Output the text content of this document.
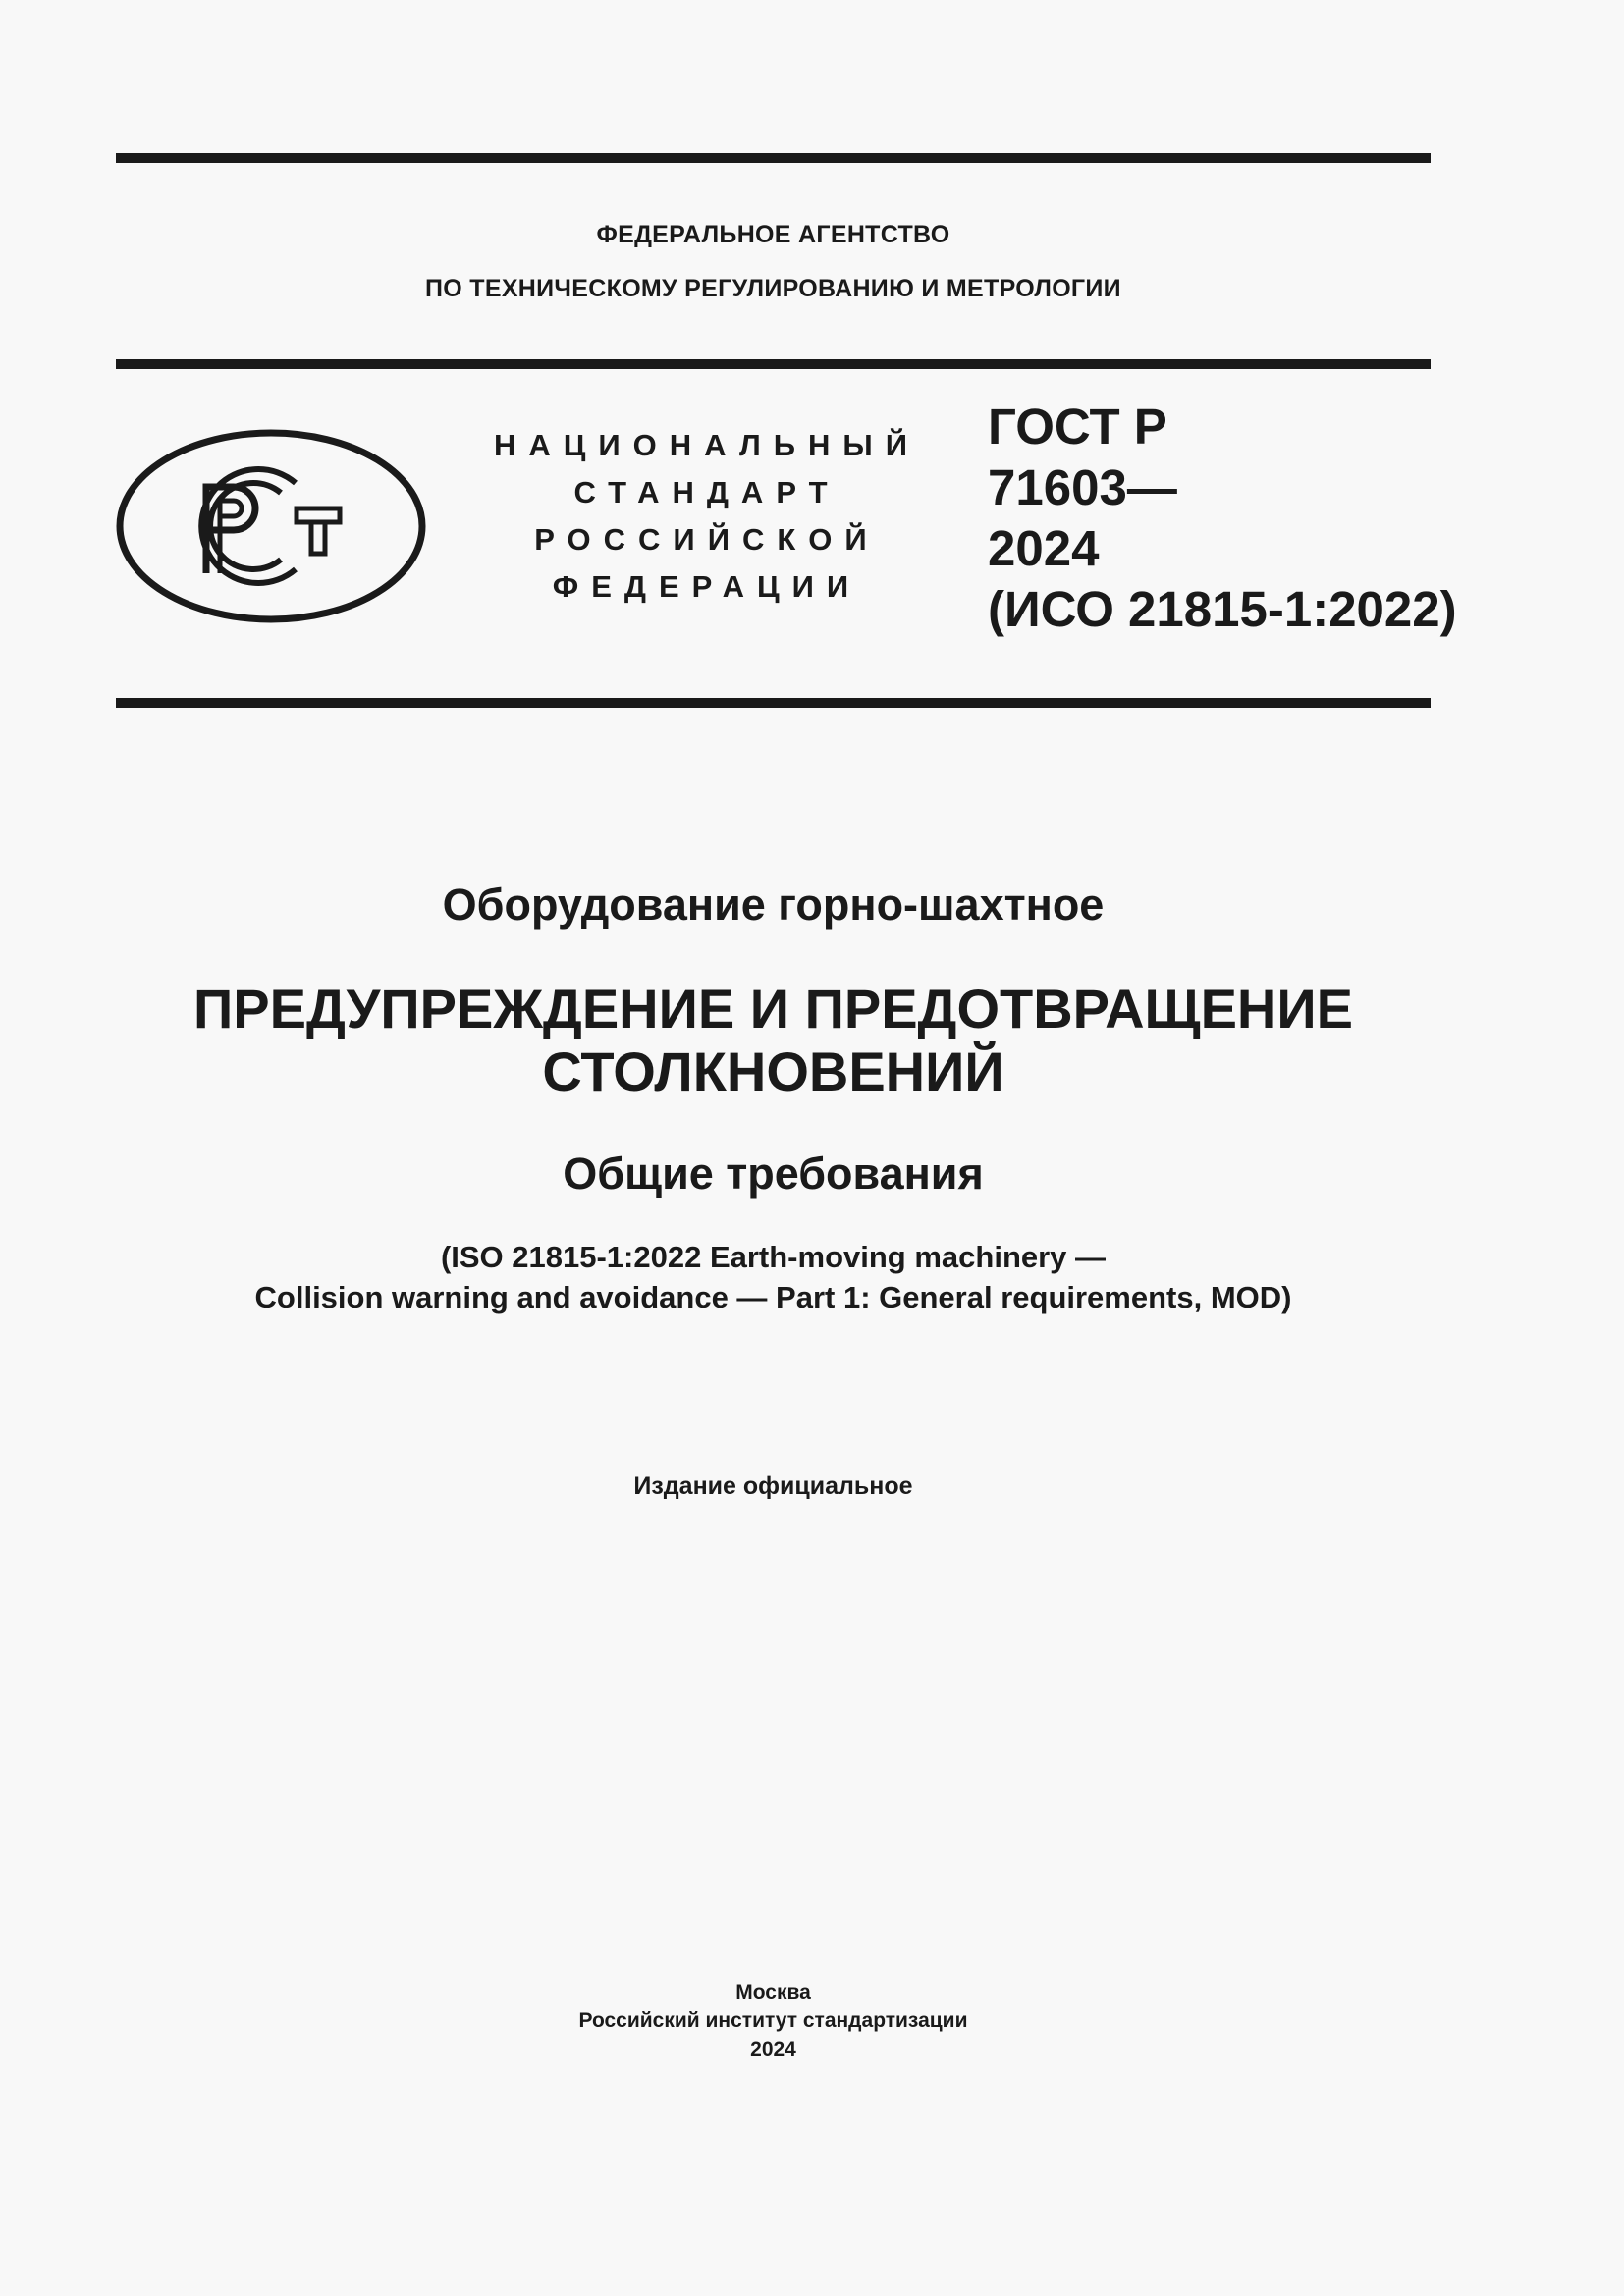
ФЕДЕРАЛЬНОЕ АГЕНТСТВО
ПО ТЕХНИЧЕСКОМУ РЕГУЛИРОВАНИЮ И МЕТРОЛОГИИ
НАЦИОНАЛЬНЫЙ
СТАНДАРТ
РОССИЙСКОЙ
ФЕДЕРАЦИИ
ГОСТ Р
71603—
2024
(ИСО 21815-1:2022)
Оборудование горно-шахтное
ПРЕДУПРЕЖДЕНИЕ И ПРЕДОТВРАЩЕНИЕ
СТОЛКНОВЕНИЙ
Общие требования
(ISO 21815-1:2022 Earth-moving machinery —
Collision warning and avoidance — Part 1: General requirements, MOD)
Издание официальное
Москва
Российский институт стандартизации
2024
